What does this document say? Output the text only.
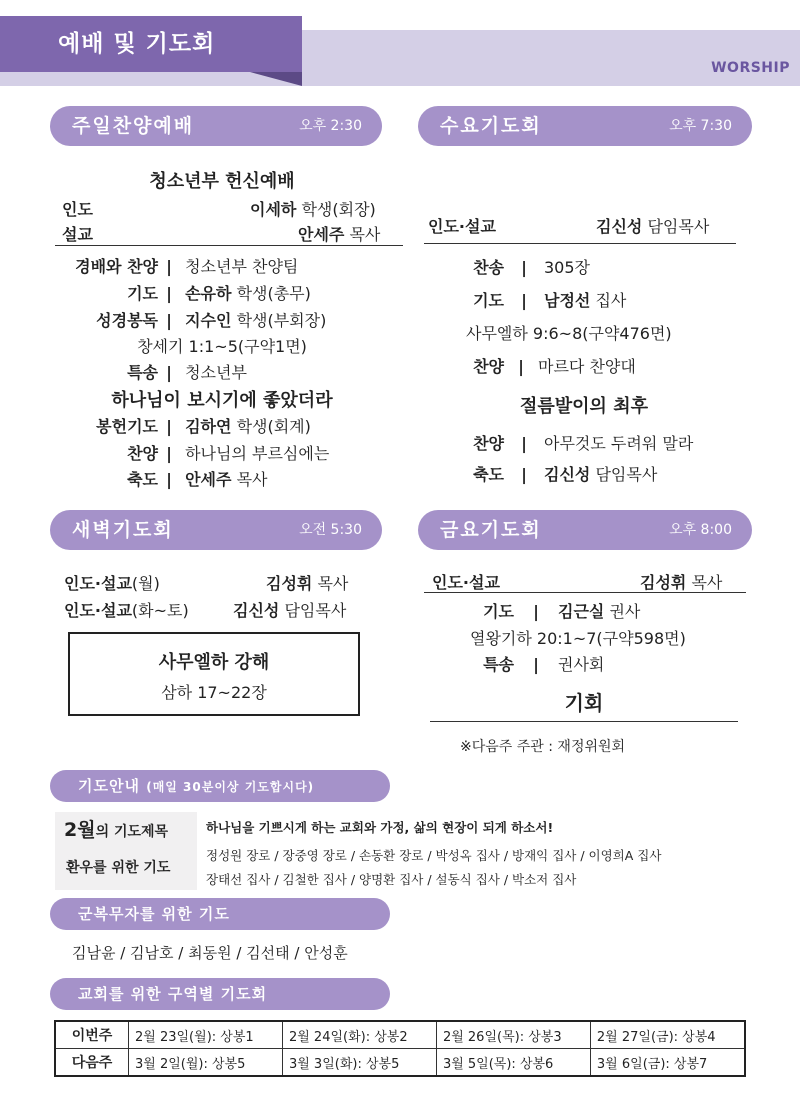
예배 및 기도회
WORSHIP
주일찬양예배	오후 2:30
청소년부 헌신예배
인도	이세하 학생(회장)
설교	안세주 목사
경배와 찬양 | 청소년부 찬양팀
기도 | 손유하 학생(총무)
성경봉독 | 지수인 학생(부회장)
창세기 1:1~5(구약1면)
특송 | 청소년부
하나님이 보시기에 좋았더라
봉헌기도 | 김하연 학생(회계)
찬양 | 하나님의 부르심에는
축도 | 안세주 목사
수요기도회	오후 7:30
인도·설교	김신성 담임목사
찬송 | 305장
기도 | 남정선 집사
사무엘하 9:6~8(구약476면)
찬양 | 마르다 찬양대
절름발이의 최후
찬양 | 아무것도 두려워 말라
축도 | 김신성 담임목사
새벽기도회	오전 5:30
인도·설교(월)	김성휘 목사
인도·설교(화~토)	김신성 담임목사
사무엘하 강해
삼하 17~22장
금요기도회	오후 8:00
인도·설교	김성휘 목사
기도 | 김근실 권사
열왕기하 20:1~7(구약598면)
특송 | 권사회
기회
※다음주 주관 : 재정위원회
기도안내 (매일 30분이상 기도합시다)
2월의 기도제목
환우를 위한 기도
하나님을 기쁘시게 하는 교회와 가정, 삶의 현장이 되게 하소서!
정성원 장로 / 장중영 장로 / 손동환 장로 / 박성옥 집사 / 방재익 집사 / 이영희A 집사
장태선 집사 / 김철한 집사 / 양명환 집사 / 설동식 집사 / 박소저 집사
군복무자를 위한 기도
김남윤 / 김남호 / 최동원 / 김선태 / 안성훈
교회를 위한 구역별 기도회
이번주	2월 23일(월): 상봉1	2월 24일(화): 상봉2	2월 26일(목): 상봉3	2월 27일(금): 상봉4
다음주	3월 2일(월): 상봉5	3월 3일(화): 상봉5	3월 5일(목): 상봉6	3월 6일(금): 상봉7
